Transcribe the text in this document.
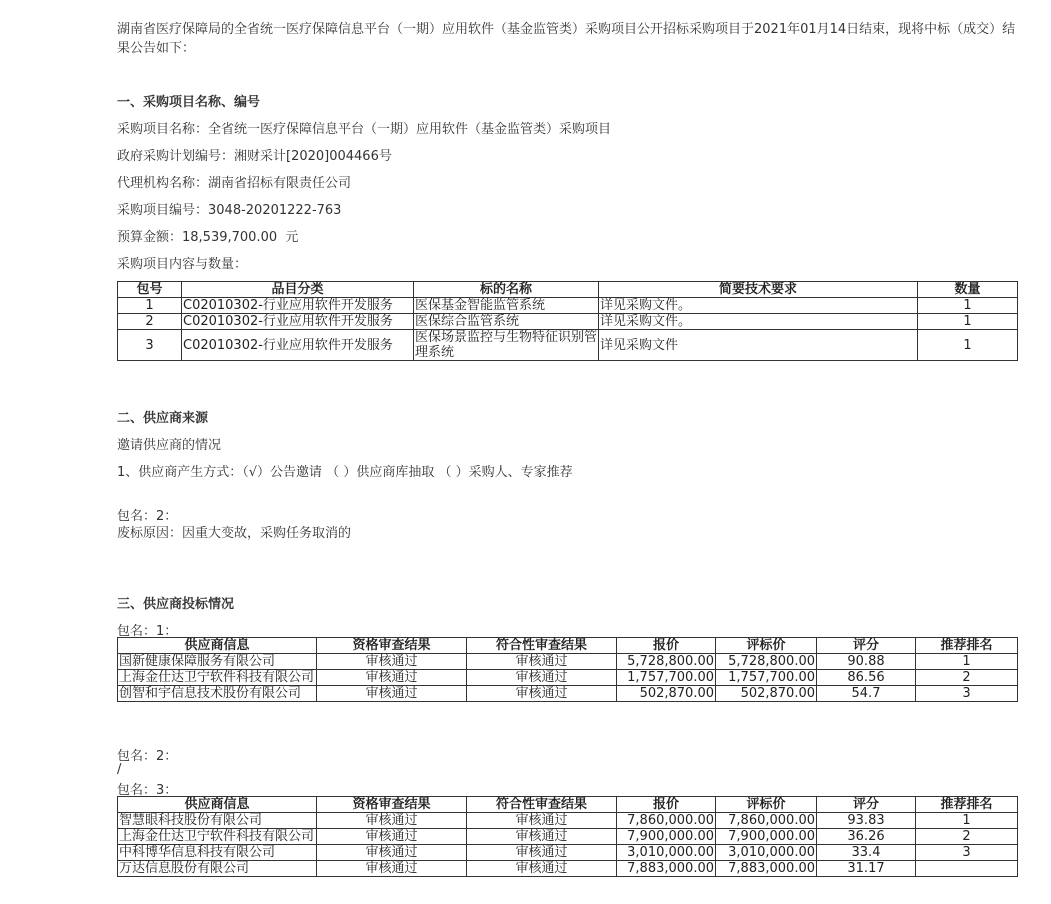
湖南省医疗保障局的全省统一医疗保障信息平台（一期）应用软件（基金监管类）采购项目公开招标采购项目于2021年01月14日结束，现将中标（成交）结果公告如下：
一、采购项目名称、编号
采购项目名称：全省统一医疗保障信息平台（一期）应用软件（基金监管类）采购项目
政府采购计划编号：湘财采计[2020]004466号
代理机构名称：湖南省招标有限责任公司
采购项目编号：3048-20201222-763
预算金额：18,539,700.00  元
采购项目内容与数量：
包号	品目分类	标的名称	简要技术要求	数量
1	C02010302-行业应用软件开发服务	医保基金智能监管系统	详见采购文件。	1
2	C02010302-行业应用软件开发服务	医保综合监管系统	详见采购文件。	1
3	C02010302-行业应用软件开发服务	医保场景监控与生物特征识别管理系统	详见采购文件	1
二、供应商来源
邀请供应商的情况
1、供应商产生方式：（√）公告邀请 （ ）供应商库抽取 （ ）采购人、专家推荐
包名：2：
废标原因：因重大变故，采购任务取消的
三、供应商投标情况
包名：1：
供应商信息	资格审查结果	符合性审查结果	报价	评标价	评分	推荐排名
国新健康保障服务有限公司	审核通过	审核通过	5,728,800.00	5,728,800.00	90.88	1
上海金仕达卫宁软件科技有限公司	审核通过	审核通过	1,757,700.00	1,757,700.00	86.56	2
创智和宇信息技术股份有限公司	审核通过	审核通过	502,870.00	502,870.00	54.7	3
包名：2：
/
包名：3：
供应商信息	资格审查结果	符合性审查结果	报价	评标价	评分	推荐排名
智慧眼科技股份有限公司	审核通过	审核通过	7,860,000.00	7,860,000.00	93.83	1
上海金仕达卫宁软件科技有限公司	审核通过	审核通过	7,900,000.00	7,900,000.00	36.26	2
中科博华信息科技有限公司	审核通过	审核通过	3,010,000.00	3,010,000.00	33.4	3
万达信息股份有限公司	审核通过	审核通过	7,883,000.00	7,883,000.00	31.17	
